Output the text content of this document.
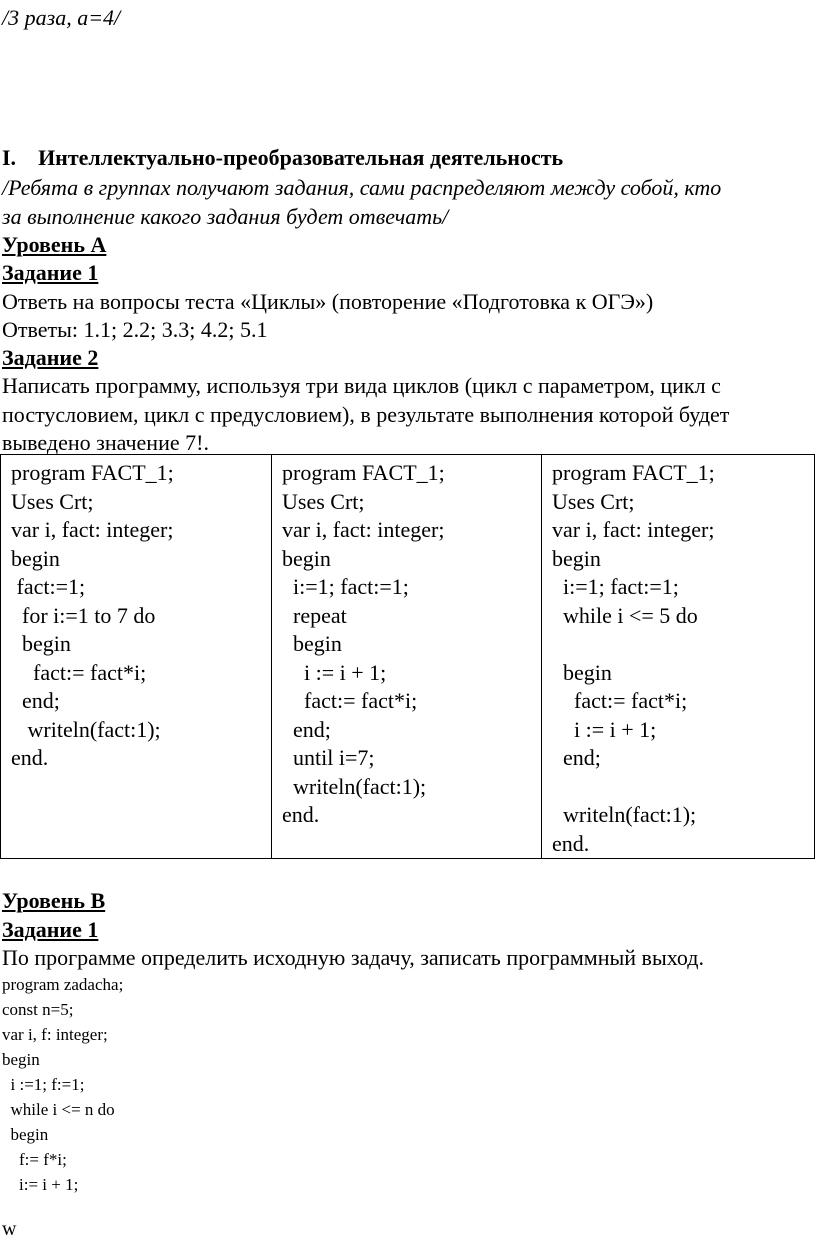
/3 раза, а=4/
I. Интеллектуально-преобразовательная деятельность
/Ребята в группах получают задания, сами распределяют между собой, кто
за выполнение какого задания будет отвечать/
Уровень А
Задание 1
Ответь на вопросы теста «Циклы» (повторение «Подготовка к ОГЭ»)
Ответы: 1.1; 2.2; 3.3; 4.2; 5.1
Задание 2
Написать программу, используя три вида циклов (цикл с параметром, цикл с
постусловием, цикл с предусловием), в результате выполнения которой будет
выведено значение 7!.
program FACT_1;
Uses Crt;
var i, fact: integer;
begin
fact:=1;
for i:=1 to 7 do
begin
fact:= fact*i;
end;
writeln(fact:1);
end.

program FACT_1;
Uses Crt;
var i, fact: integer;
begin
i:=1; fact:=1;
repeat
begin
i := i + 1;
fact:= fact*i;
end;
until i=7;
writeln(fact:1);
end.

program FACT_1;
Uses Crt;
var i, fact: integer;
begin
i:=1; fact:=1;
while i <= 5 do
begin
fact:= fact*i;
i := i + 1;
end;
writeln(fact:1);
end.
Уровень В
Задание 1
По программе определить исходную задачу, записать программный выход.
program zadacha;
const n=5;
var i, f: integer;
begin
i :=1; f:=1;
while i <= n do
begin
f:= f*i;
i:= i + 1;
w
